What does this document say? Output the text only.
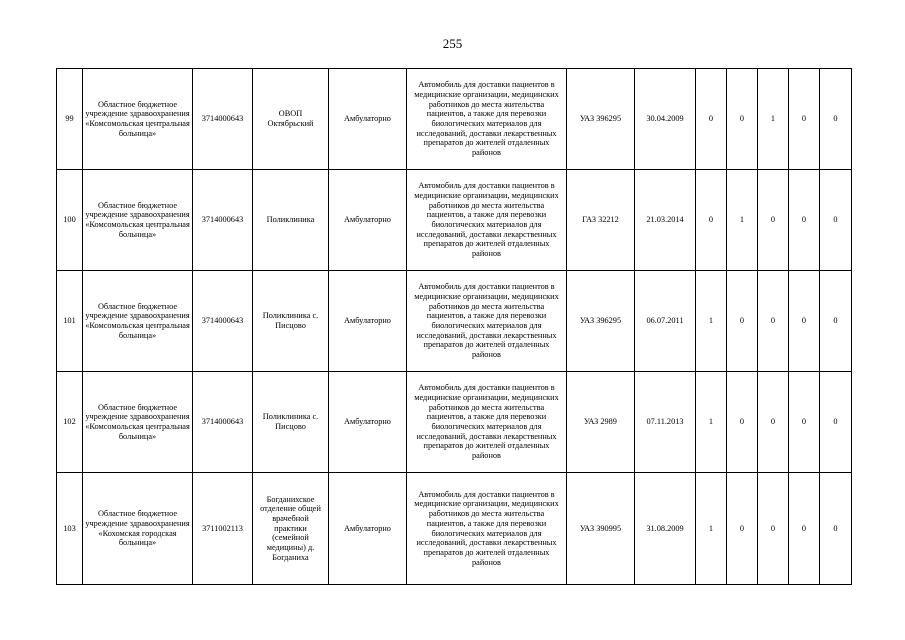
255
99	Областное бюджетное учреждение здравоохранения «Комсомольская центральная больница»	3714000643	ОВОП Октябрьский	Амбулаторно	Автомобиль для доставки пациентов в медицинские организации, медицинских работников до места жительства пациентов, а также для перевозки биологических материалов для исследований, доставки лекарственных препаратов до жителей отдаленных районов	УАЗ 396295	30.04.2009	0	0	1	0	0
100	Областное бюджетное учреждение здравоохранения «Комсомольская центральная больница»	3714000643	Поликлиника	Амбулаторно	Автомобиль для доставки пациентов в медицинские организации, медицинских работников до места жительства пациентов, а также для перевозки биологических материалов для исследований, доставки лекарственных препаратов до жителей отдаленных районов	ГАЗ 32212	21.03.2014	0	1	0	0	0
101	Областное бюджетное учреждение здравоохранения «Комсомольская центральная больница»	3714000643	Поликлиника с. Писцово	Амбулаторно	Автомобиль для доставки пациентов в медицинские организации, медицинских работников до места жительства пациентов, а также для перевозки биологических материалов для исследований, доставки лекарственных препаратов до жителей отдаленных районов	УАЗ 396295	06.07.2011	1	0	0	0	0
102	Областное бюджетное учреждение здравоохранения «Комсомольская центральная больница»	3714000643	Поликлиника с. Писцово	Амбулаторно	Автомобиль для доставки пациентов в медицинские организации, медицинских работников до места жительства пациентов, а также для перевозки биологических материалов для исследований, доставки лекарственных препаратов до жителей отдаленных районов	УАЗ 2989	07.11.2013	1	0	0	0	0
103	Областное бюджетное учреждение здравоохранения «Кохомская городская больница»	3711002113	Богданихское отделение общей врачебной практики (семейной медицины) д. Богданиха	Амбулаторно	Автомобиль для доставки пациентов в медицинские организации, медицинских работников до места жительства пациентов, а также для перевозки биологических материалов для исследований, доставки лекарственных препаратов до жителей отдаленных районов	УАЗ 390995	31.08.2009	1	0	0	0	0
